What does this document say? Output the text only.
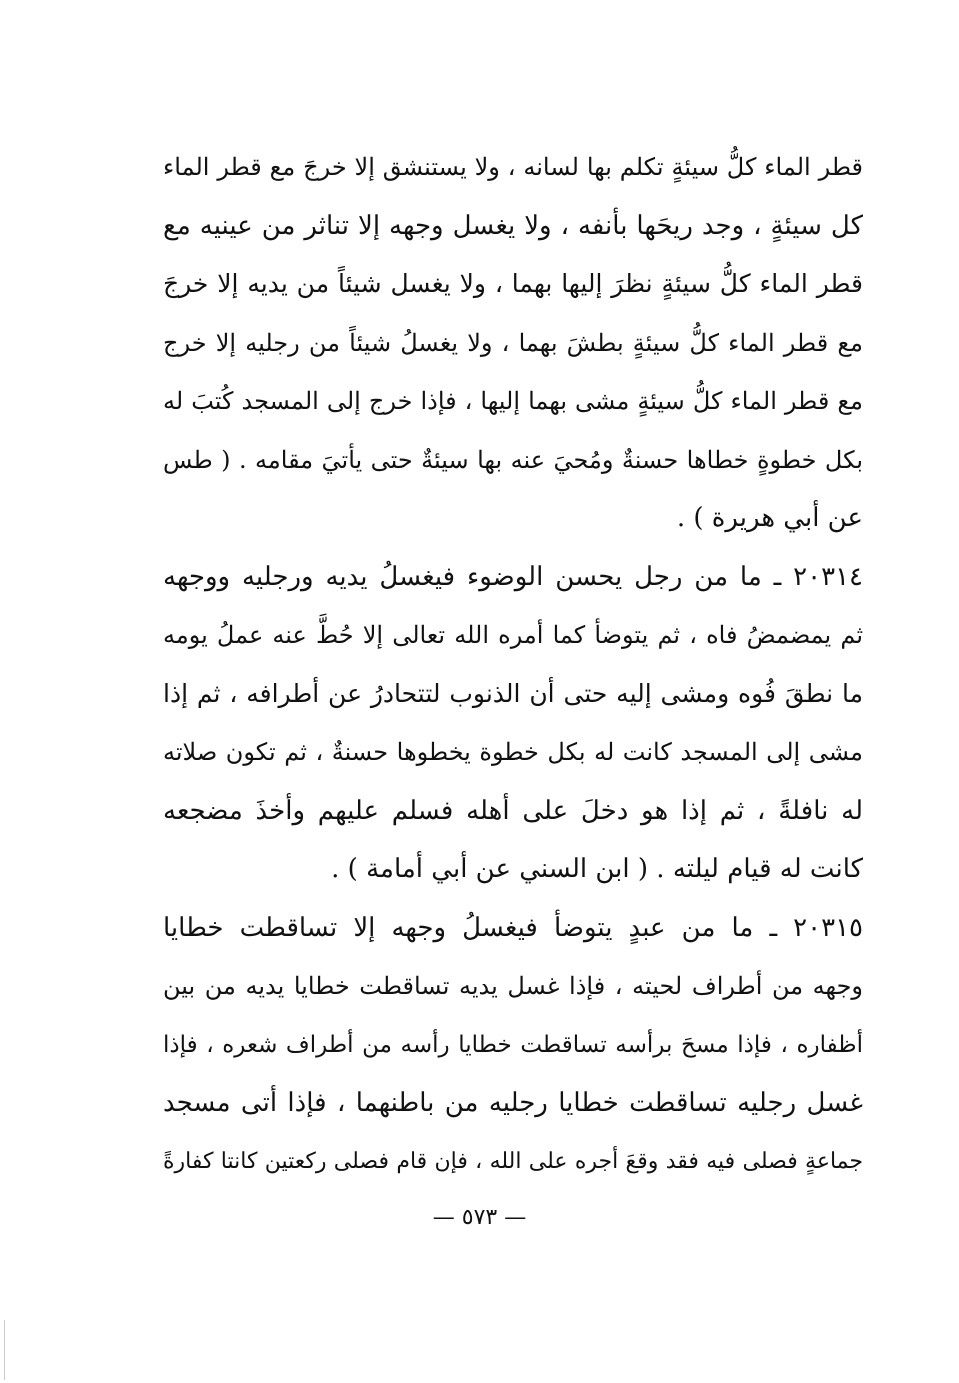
قطر الماء كلُّ سيئةٍ تكلم بها لسانه ، ولا يستنشق إلا خرجَ مع قطر الماء
كل سيئةٍ ، وجد ريحَها بأنفه ، ولا يغسل وجهه إلا تناثر من عينيه مع
قطر الماء كلُّ سيئةٍ نظرَ إليها بهما ، ولا يغسل شيئاً من يديه إلا خرجَ
مع قطر الماء كلُّ سيئةٍ بطشَ بهما ، ولا يغسلُ شيئاً من رجليه إلا خرج
مع قطر الماء كلُّ سيئةٍ مشى بهما إليها ، فإذا خرج إلى المسجد كُتبَ له
بكل خطوةٍ خطاها حسنةٌ ومُحيَ عنه بها سيئةٌ حتى يأتيَ مقامه . ( طس
عن أبي هريرة ) .
٢٠٣١٤ ـ ما من رجل يحسن الوضوء فيغسلُ يديه ورجليه ووجهه
ثم يمضمضُ فاه ، ثم يتوضأ كما أمره الله تعالى إلا حُطَّ عنه عملُ يومه
ما نطقَ فُوه ومشى إليه حتى أن الذنوب لتتحادرُ عن أطرافه ، ثم إذا
مشى إلى المسجد كانت له بكل خطوة يخطوها حسنةٌ ، ثم تكون صلاته
له نافلةً ، ثم إذا هو دخلَ على أهله فسلم عليهم وأخذَ مضجعه
كانت له قيام ليلته . ( ابن السني عن أبي أمامة ) .
٢٠٣١٥ ـ ما من عبدٍ يتوضأ فيغسلُ وجهه إلا تساقطت خطايا
وجهه من أطراف لحيته ، فإذا غسل يديه تساقطت خطايا يديه من بين
أظفاره ، فإذا مسحَ برأسه تساقطت خطايا رأسه من أطراف شعره ، فإذا
غسل رجليه تساقطت خطايا رجليه من باطنهما ، فإذا أتى مسجد
جماعةٍ فصلى فيه فقد وقعَ أجره على الله ، فإن قام فصلى ركعتين كانتا كفارةً
— ٥٧٣ —
